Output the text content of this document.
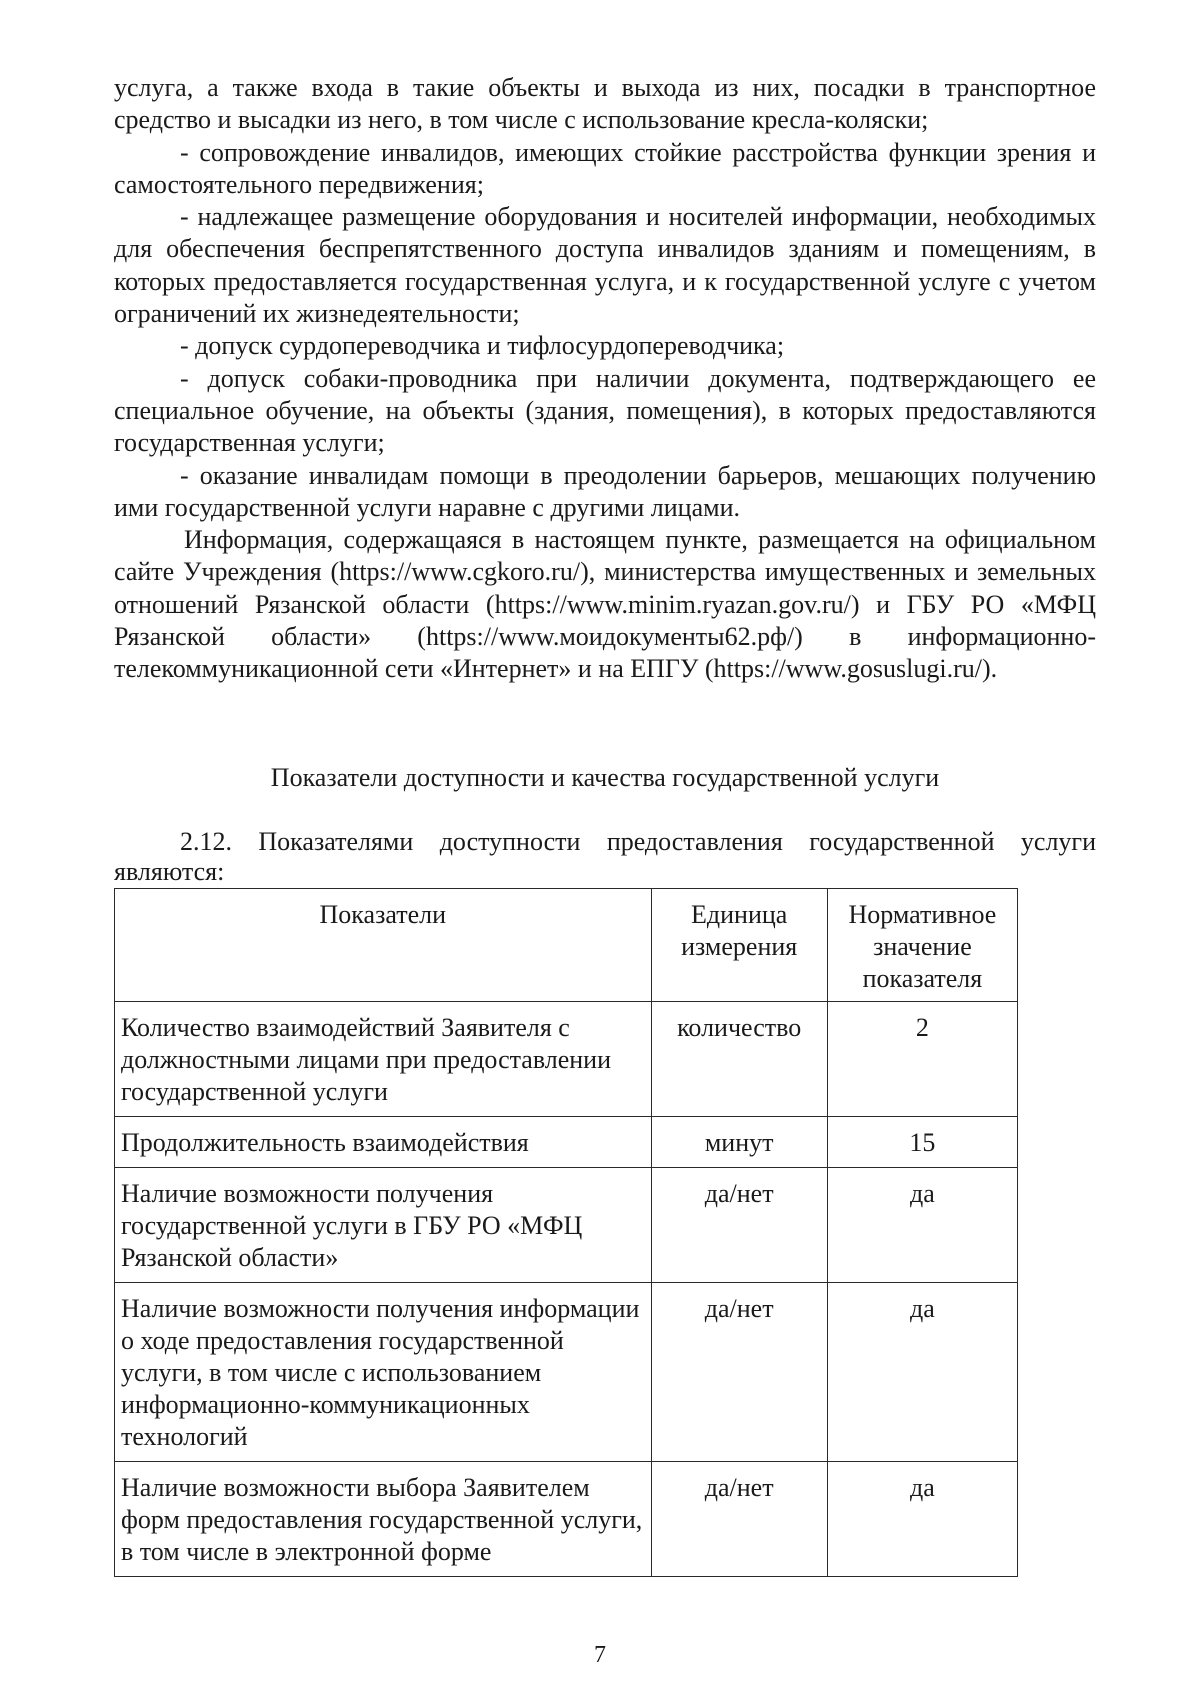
услуга, а также входа в такие объекты и выхода из них, посадки в транспортное средство и высадки из него, в том числе с использование кресла-коляски;

- сопровождение инвалидов, имеющих стойкие расстройства функции зрения и самостоятельного передвижения;

- надлежащее размещение оборудования и носителей информации, необходимых для обеспечения беспрепятственного доступа инвалидов зданиям и помещениям, в которых предоставляется государственная услуга, и к государственной услуге с учетом ограничений их жизнедеятельности;

- допуск сурдопереводчика и тифлосурдопереводчика;

- допуск собаки-проводника при наличии документа, подтверждающего ее специальное обучение, на объекты (здания, помещения), в которых предоставляются государственная услуги;

- оказание инвалидам помощи в преодолении барьеров, мешающих получению ими государственной услуги наравне с другими лицами.

Информация, содержащаяся в настоящем пункте, размещается на официальном сайте Учреждения (https://www.cgkoro.ru/), министерства имущественных и земельных отношений Рязанской области (https://www.minim.ryazan.gov.ru/) и ГБУ РО «МФЦ Рязанской области» (https://www.моидокументы62.рф/) в информационно-телекоммуникационной сети «Интернет» и на ЕПГУ (https://www.gosuslugi.ru/).

Показатели доступности и качества государственной услуги

2.12. Показателями доступности предоставления государственной услуги являются:

Показатели	Единица измерения	Нормативное значение показателя
Количество взаимодействий Заявителя с должностными лицами при предоставлении государственной услуги	количество	2
Продолжительность взаимодействия	минут	15
Наличие возможности получения государственной услуги в ГБУ РО «МФЦ Рязанской области»	да/нет	да
Наличие возможности получения информации о ходе предоставления государственной услуги, в том числе с использованием информационно-коммуникационных технологий	да/нет	да
Наличие возможности выбора Заявителем форм предоставления государственной услуги, в том числе в электронной форме	да/нет	да
7
